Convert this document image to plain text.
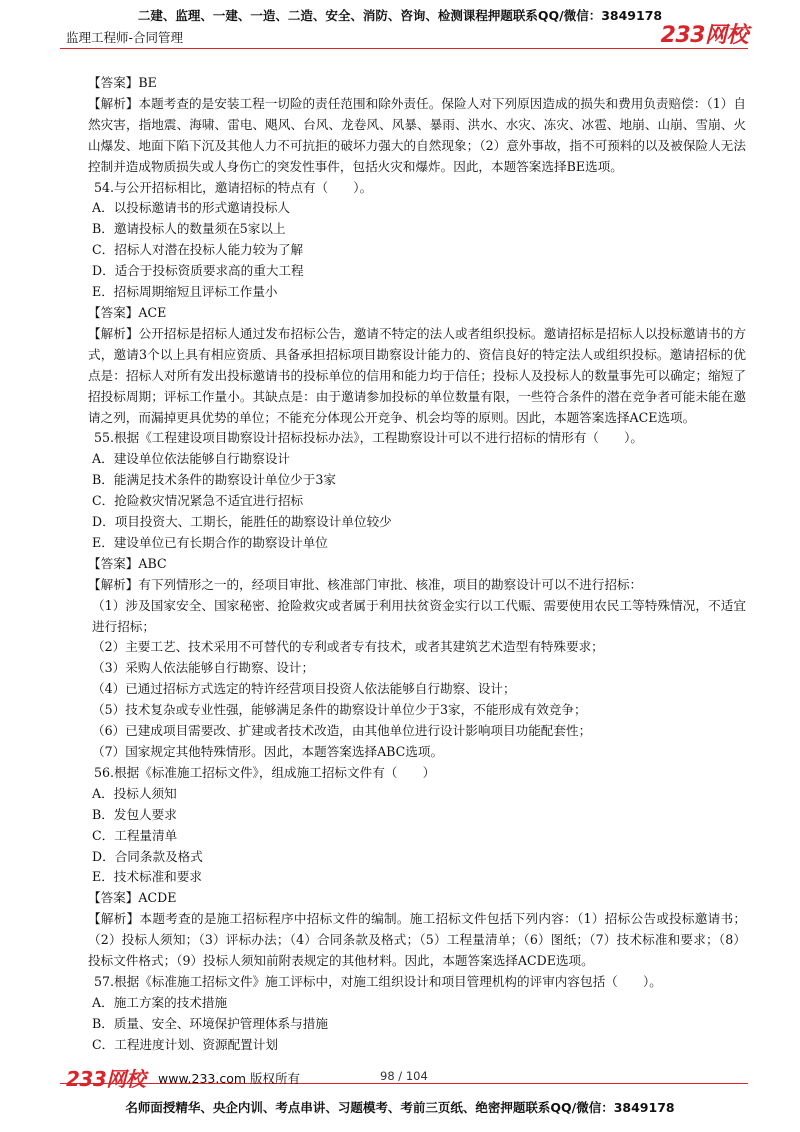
二建、监理、一建、一造、二造、安全、消防、咨询、检测课程押题联系QQ/微信：3849178
监理工程师-合同管理	233网校

【答案】BE

【解析】本题考查的是安装工程一切险的责任范围和除外责任。保险人对下列原因造成的损失和费用负责赔偿：（1）自然灾害，指地震、海啸、雷电、飓风、台风、龙卷风、风暴、暴雨、洪水、水灾、冻灾、冰雹、地崩、山崩、雪崩、火山爆发、地面下陷下沉及其他人力不可抗拒的破坏力强大的自然现象；（2）意外事故，指不可预料的以及被保险人无法控制并造成物质损失或人身伤亡的突发性事件，包括火灾和爆炸。因此，本题答案选择BE选项。

54.与公开招标相比，邀请招标的特点有（　　）。

A．以投标邀请书的形式邀请投标人

B．邀请投标人的数量须在5家以上

C．招标人对潜在投标人能力较为了解

D．适合于投标资质要求高的重大工程

E．招标周期缩短且评标工作量小

【答案】ACE

【解析】公开招标是招标人通过发布招标公告，邀请不特定的法人或者组织投标。邀请招标是招标人以投标邀请书的方式，邀请3个以上具有相应资质、具备承担招标项目勘察设计能力的、资信良好的特定法人或组织投标。邀请招标的优点是：招标人对所有发出投标邀请书的投标单位的信用和能力均于信任；投标人及投标人的数量事先可以确定；缩短了招投标周期；评标工作量小。其缺点是：由于邀请参加投标的单位数量有限，一些符合条件的潜在竞争者可能未能在邀请之列，而漏掉更具优势的单位；不能充分体现公开竞争、机会均等的原则。因此，本题答案选择ACE选项。

55.根据《工程建设项目勘察设计招标投标办法》，工程勘察设计可以不进行招标的情形有（　　）。

A．建设单位依法能够自行勘察设计

B．能满足技术条件的勘察设计单位少于3家

C．抢险救灾情况紧急不适宜进行招标

D．项目投资大、工期长，能胜任的勘察设计单位较少

E．建设单位已有长期合作的勘察设计单位

【答案】ABC

【解析】有下列情形之一的，经项目审批、核准部门审批、核准，项目的勘察设计可以不进行招标：

（1）涉及国家安全、国家秘密、抢险救灾或者属于利用扶贫资金实行以工代赈、需要使用农民工等特殊情况，不适宜进行招标；

（2）主要工艺、技术采用不可替代的专利或者专有技术，或者其建筑艺术造型有特殊要求；

（3）采购人依法能够自行勘察、设计；

（4）已通过招标方式选定的特许经营项目投资人依法能够自行勘察、设计；

（5）技术复杂或专业性强，能够满足条件的勘察设计单位少于3家，不能形成有效竞争；

（6）已建成项目需要改、扩建或者技术改造，由其他单位进行设计影响项目功能配套性；

（7）国家规定其他特殊情形。因此，本题答案选择ABC选项。

56.根据《标准施工招标文件》，组成施工招标文件有（　　）

A．投标人须知

B．发包人要求

C．工程量清单

D．合同条款及格式

E．技术标准和要求

【答案】ACDE

【解析】本题考查的是施工招标程序中招标文件的编制。施工招标文件包括下列内容：（1）招标公告或投标邀请书；（2）投标人须知；（3）评标办法；（4）合同条款及格式；（5）工程量清单；（6）图纸；（7）技术标准和要求；（8）投标文件格式；（9）投标人须知前附表规定的其他材料。因此，本题答案选择ACDE选项。

57.根据《标准施工招标文件》施工评标中，对施工组织设计和项目管理机构的评审内容包括（　　）。

A．施工方案的技术措施

B．质量、安全、环境保护管理体系与措施

C．工程进度计划、资源配置计划

233网校 www.233.com 版权所有	98 / 104
名师面授精华、央企内训、考点串讲、习题模考、考前三页纸、绝密押题联系QQ/微信：3849178
